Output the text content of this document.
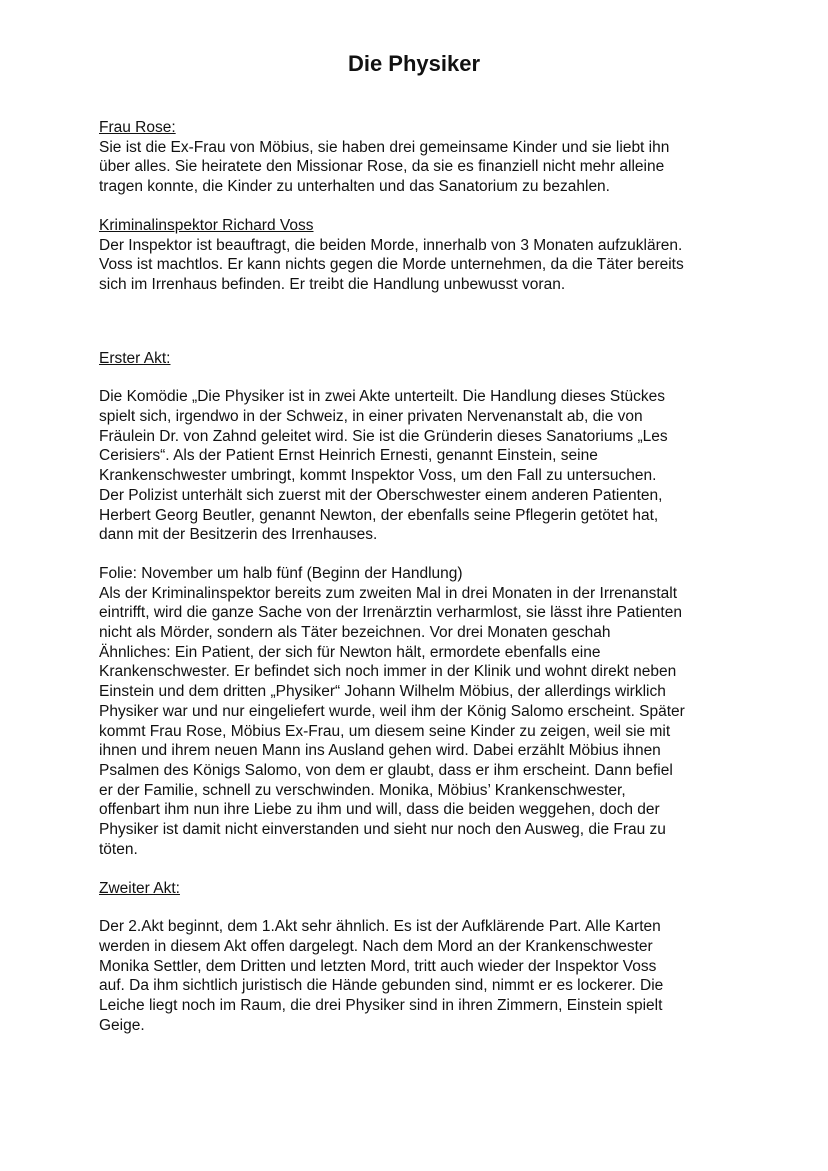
Die Physiker
Frau Rose:
Sie ist die Ex-Frau von Möbius, sie haben drei gemeinsame Kinder und sie liebt ihn
über alles. Sie heiratete den Missionar Rose, da sie es finanziell nicht mehr alleine
tragen konnte, die Kinder zu unterhalten und das Sanatorium zu bezahlen.
Kriminalinspektor Richard Voss
Der Inspektor ist beauftragt, die beiden Morde, innerhalb von 3 Monaten aufzuklären.
Voss ist machtlos. Er kann nichts gegen die Morde unternehmen, da die Täter bereits
sich im Irrenhaus befinden. Er treibt die Handlung unbewusst voran.
Erster Akt:
Die Komödie „Die Physiker ist in zwei Akte unterteilt. Die Handlung dieses Stückes
spielt sich, irgendwo in der Schweiz, in einer privaten Nervenanstalt ab, die von
Fräulein Dr. von Zahnd geleitet wird. Sie ist die Gründerin dieses Sanatoriums „Les
Cerisiers“. Als der Patient Ernst Heinrich Ernesti, genannt Einstein, seine
Krankenschwester umbringt, kommt Inspektor Voss, um den Fall zu untersuchen.
Der Polizist unterhält sich zuerst mit der Oberschwester einem anderen Patienten,
Herbert Georg Beutler, genannt Newton, der ebenfalls seine Pflegerin getötet hat,
dann mit der Besitzerin des Irrenhauses.
Folie: November um halb fünf (Beginn der Handlung)
Als der Kriminalinspektor bereits zum zweiten Mal in drei Monaten in der Irrenanstalt
eintrifft, wird die ganze Sache von der Irrenärztin verharmlost, sie lässt ihre Patienten
nicht als Mörder, sondern als Täter bezeichnen. Vor drei Monaten geschah
Ähnliches: Ein Patient, der sich für Newton hält, ermordete ebenfalls eine
Krankenschwester. Er befindet sich noch immer in der Klinik und wohnt direkt neben
Einstein und dem dritten „Physiker“ Johann Wilhelm Möbius, der allerdings wirklich
Physiker war und nur eingeliefert wurde, weil ihm der König Salomo erscheint. Später
kommt Frau Rose, Möbius Ex-Frau, um diesem seine Kinder zu zeigen, weil sie mit
ihnen und ihrem neuen Mann ins Ausland gehen wird. Dabei erzählt Möbius ihnen
Psalmen des Königs Salomo, von dem er glaubt, dass er ihm erscheint. Dann befiel
er der Familie, schnell zu verschwinden. Monika, Möbius’ Krankenschwester,
offenbart ihm nun ihre Liebe zu ihm und will, dass die beiden weggehen, doch der
Physiker ist damit nicht einverstanden und sieht nur noch den Ausweg, die Frau zu
töten.
Zweiter Akt:
Der 2.Akt beginnt, dem 1.Akt sehr ähnlich. Es ist der Aufklärende Part. Alle Karten
werden in diesem Akt offen dargelegt. Nach dem Mord an der Krankenschwester
Monika Settler, dem Dritten und letzten Mord, tritt auch wieder der Inspektor Voss
auf. Da ihm sichtlich juristisch die Hände gebunden sind, nimmt er es lockerer. Die
Leiche liegt noch im Raum, die drei Physiker sind in ihren Zimmern, Einstein spielt
Geige.
